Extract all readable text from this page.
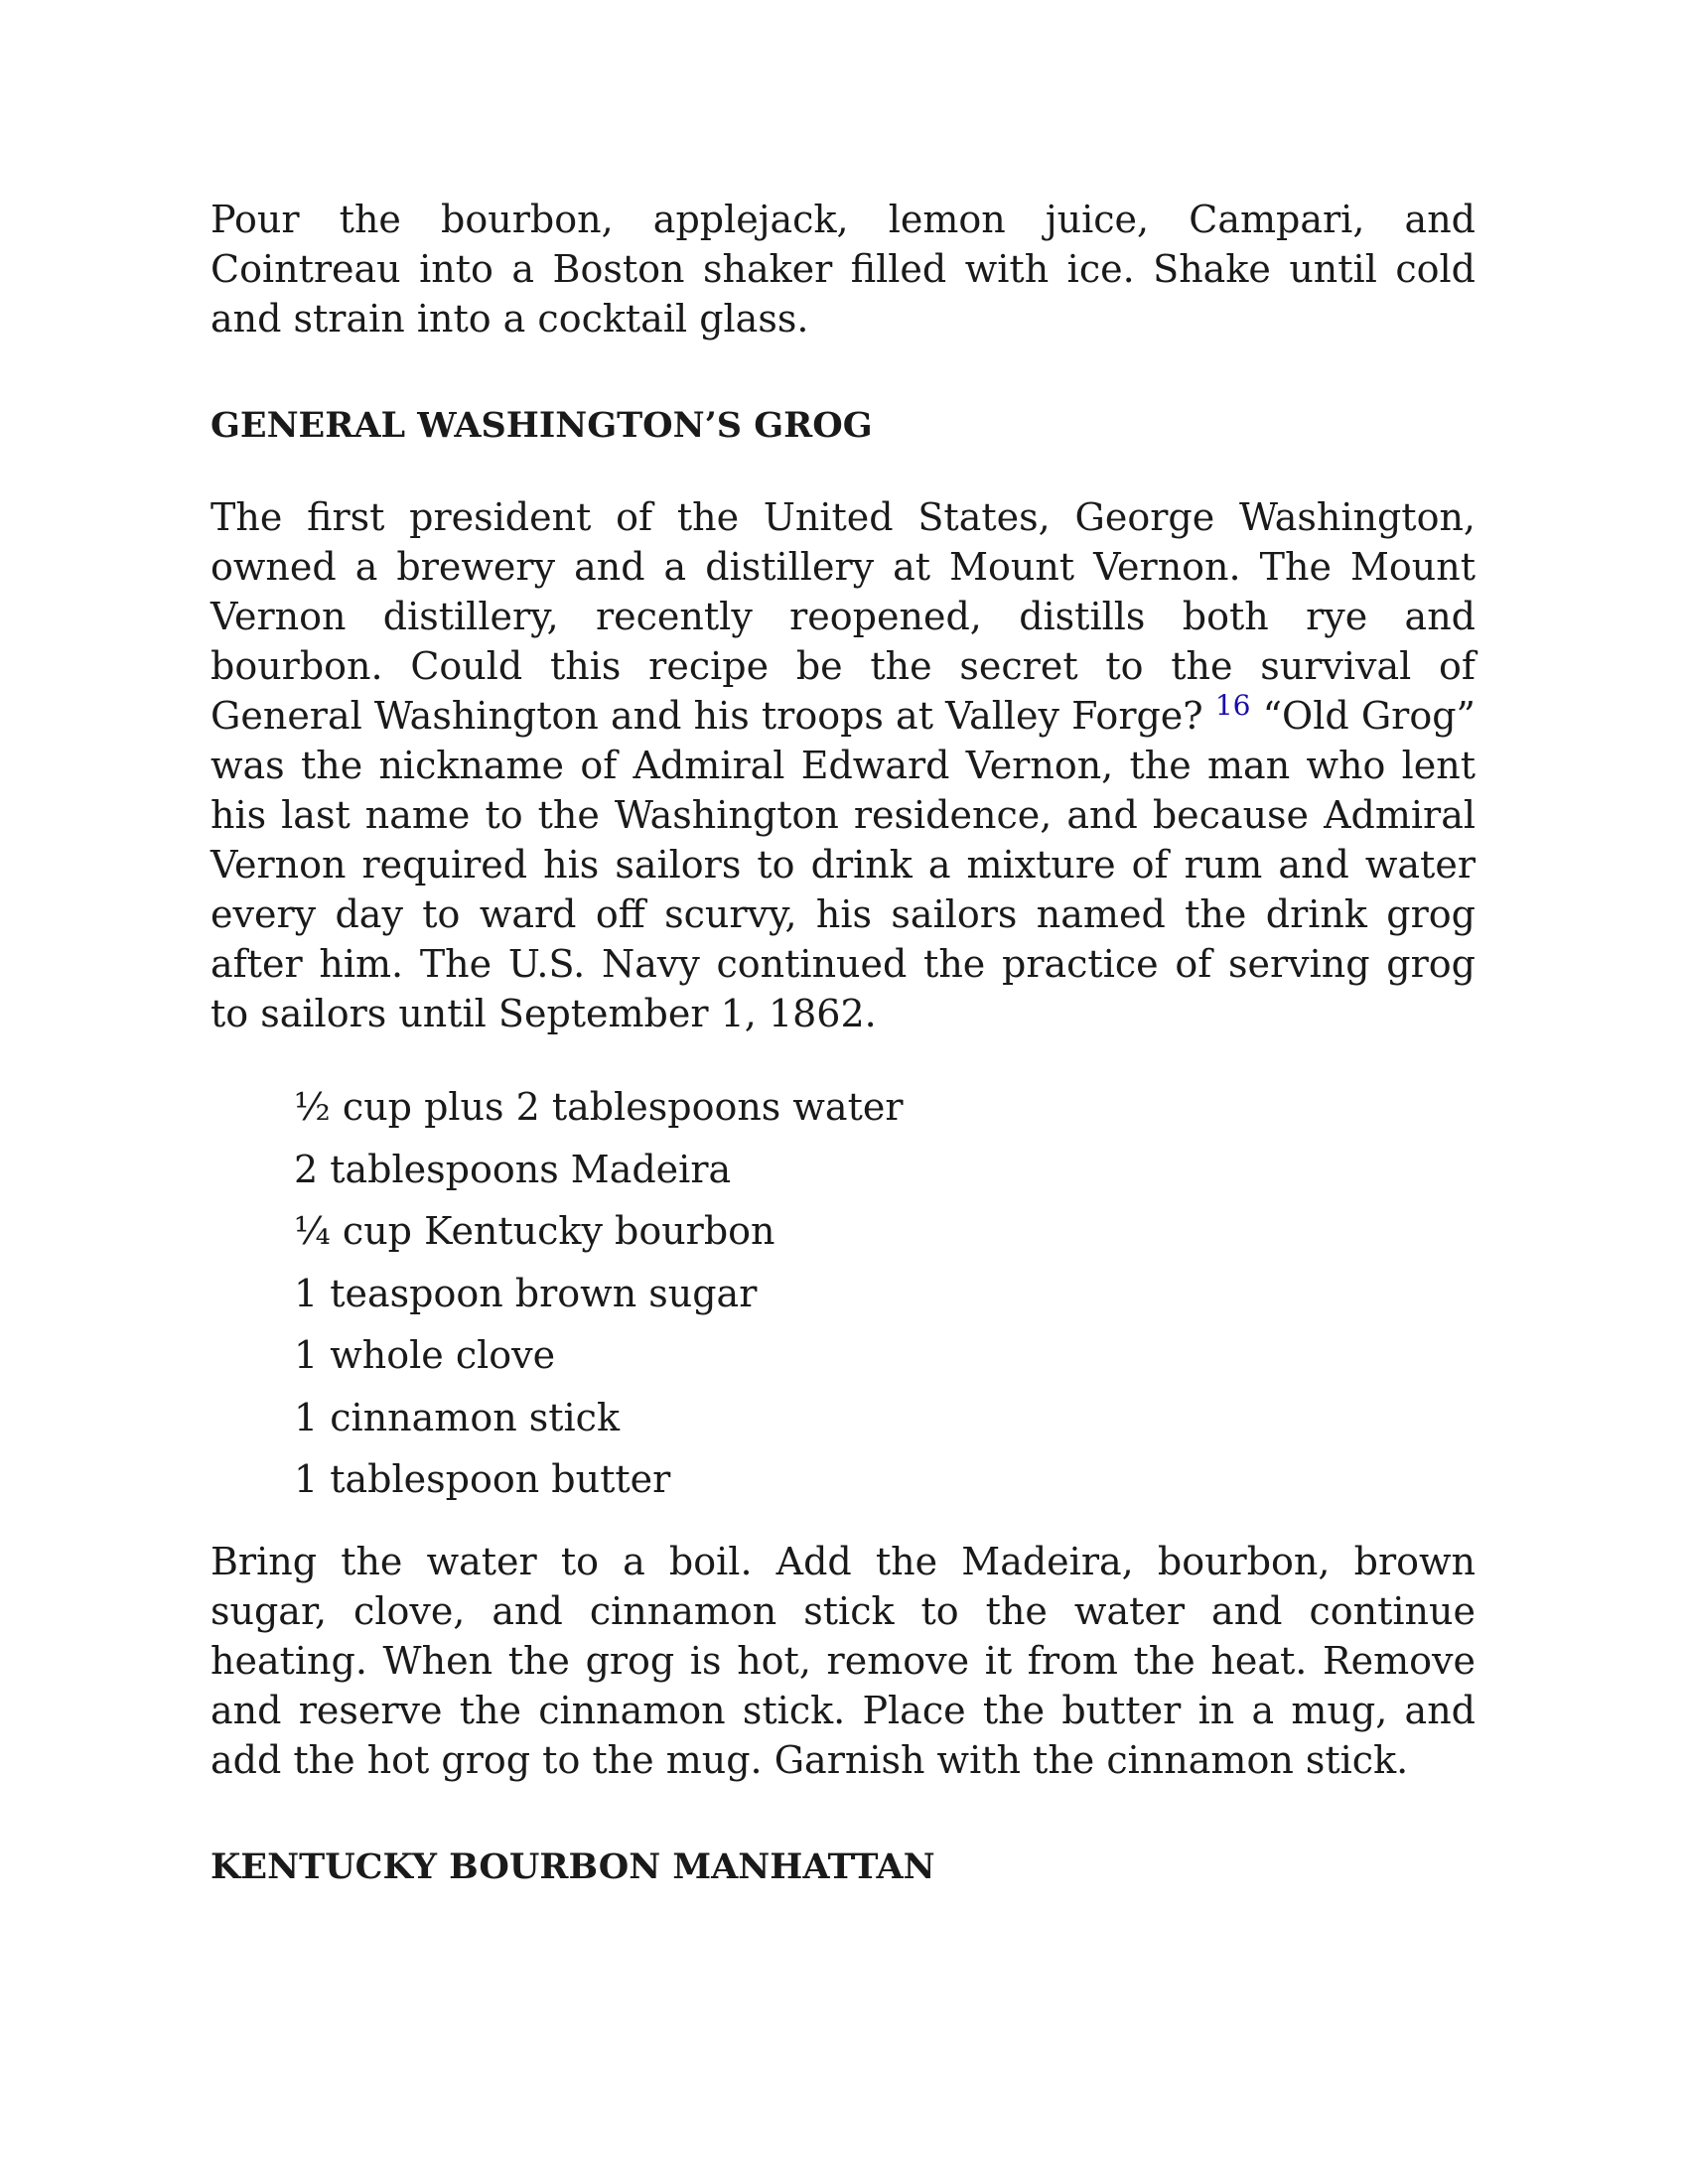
Pour the bourbon, applejack, lemon juice, Campari, and Cointreau into a Boston shaker filled with ice. Shake until cold and strain into a cocktail glass.

GENERAL WASHINGTON’S GROG

The first president of the United States, George Washington, owned a brewery and a distillery at Mount Vernon. The Mount Vernon distillery, recently reopened, distills both rye and bourbon. Could this recipe be the secret to the survival of General Washington and his troops at Valley Forge? $^{16}$ “Old Grog” was the nickname of Admiral Edward Vernon, the man who lent his last name to the Washington residence, and because Admiral Vernon required his sailors to drink a mixture of rum and water every day to ward off scurvy, his sailors named the drink grog after him. The U.S. Navy continued the practice of serving grog to sailors until September 1, 1862.

½ cup plus 2 tablespoons water
2 tablespoons Madeira
¼ cup Kentucky bourbon
1 teaspoon brown sugar
1 whole clove
1 cinnamon stick
1 tablespoon butter

Bring the water to a boil. Add the Madeira, bourbon, brown sugar, clove, and cinnamon stick to the water and continue heating. When the grog is hot, remove it from the heat. Remove and reserve the cinnamon stick. Place the butter in a mug, and add the hot grog to the mug. Garnish with the cinnamon stick.

KENTUCKY BOURBON MANHATTAN
